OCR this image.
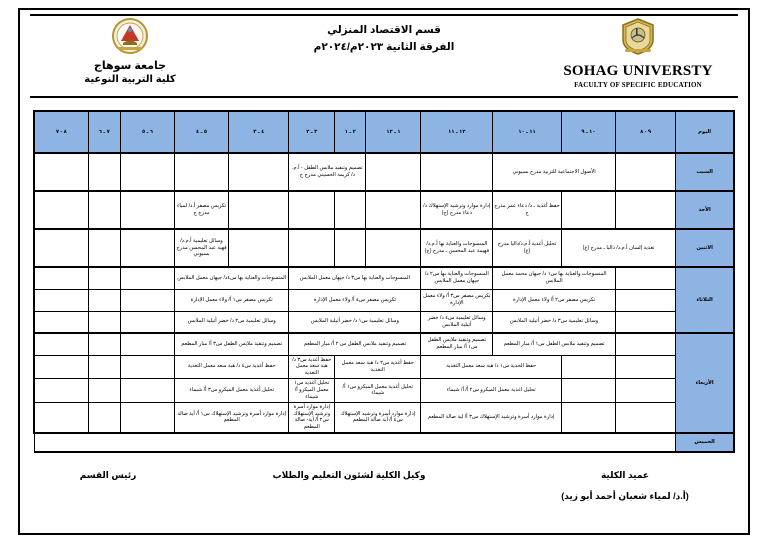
جامعة سوهاج
كلية التربية النوعية
قسم الاقتصاد المنزلي
الفرقة الثانية ٢٠٢٣م/٢٠٢٤م
SOHAG UNIVERSTY
FACULTY OF SPECIFIC EDUCATION
اليوم	٩ - ٨	١٠ ـ ٩	١١ ـ ١٠	١٢ ـ ١١	١ ـ ١٢	٢ ـ ١	٣ ـ ٢	٤ ـ ٣	٥ ـ ٤	٦ ـ ٥	٧ ـ ٦	٨ - ٧
السبت		الأصول الاجتماعية للتربية مدرج بسيوني				تصميم وتنفيذ ملابس الطفل - أ.م. د/ كريمة الحسيني مدرج ج						
الأحد			حفظ أغذية ـ د/ دعاء عمر مدرج ج	إدارة موارد وترشيد الإستهلاك د/ دعاء مدرج (ج)					تكريس مصفر أ.د/ لمياء مدرج ج			
الاثنين	تغذية إلسان أ.م.د/ داليا ـ مدرج (ع)		تحليل أغذية أ.م.د/داليا مدرج (ع)	المنسوجات والعناية بها أ.م.د/ فهيمة عبد المحسن ـ مدرج (ج)					وسائل تعليمية أ.م.د/ فهية عبد المحسن مدرج بسيوني			
الثلاثاء		المنسوجات والعناية بها س١ د/ جيهان محمد معمل الملابس		المنسوجات والعناية بها س٢ د/ جيهان معمل الملابس	المنسوجات والعناية بها س٣ د/ جيهان معمل الملابس			المنسوجات والعناية بها س٤د/ جيهان معمل الملابس				
		تكريس مصفر س٢ أ/ ولاء معمل الإدارة		تكريس مصفر س٣ أ/ ولاء معمل الإدارة	تكريس مصفر س٤ أ/ ولاء معمل الإدارة			تكريس مصفر س١ أ/ ولاء معمل الإدارة				
		وسائل تعليمية س٣ د/ خضر أتيلية الملابس		وسائل تعليمية س٤ د/ خضر أتيلية الملابس	وسائل تعليمية س١ د/ خضر أتيلية الملابس			وسائل تعليمية س٢ د/ خضر أتيلية الملابس				
الأربعاء		تصميم وتنفيذ ملابس الطفل س١ أ/ مبار المطعم		تصميم وتنفيذ ملابس الطفل س١ أ/ مبار المطعم	تصميم وتنفيذ ملابس الطفل س ٢ أ/ مبار المطعم			تصميم وتنفيذ ملابس الطفل س٣ أ/ مبار المطعم				
			حفظ الخذية س١ د/ هبة سعد معمل التغذية		حفظ أغذية س٢ د/ هبة سعد معمل التغذية		حفظ أغذية س٣ د/ هبة سعد معمل التغذية	حفظ أغذية س٤ د/ هبة سعد معمل التغذية				
			تحليل اغذية معمل الميكرو س٢ أ/ أ/ شيماء		تحليل أغذية معمل الميكرو س١ أ/ شيماء		تحليل أغذية س١ معمل الميكرو أ/ شيماء	تحليل أغذية معمل الميكرو س٣ أ/ شيماء				
			إدارة موارد أسرة وترشيد الإستهلاك س٣ أ/ لية صالة المطعم		إدارة موارد أسرة وترشيد الإستهلاك س٤ أ/ أية صالة المطعم		إدارة موارد أسرة وترشيد الإستهلاك س٢ أ/ أية- صالة المطعم	إدارة موارد أسرة وترشيد الإستهلاك س١ أ/ أية صالة المطعم				
الخميس												
رئيس القسم	وكيل الكلية لشئون التعليم والطلاب	عميد الكلية
(أ.د/ لمياء شعبان أحمد أبو زيد)
